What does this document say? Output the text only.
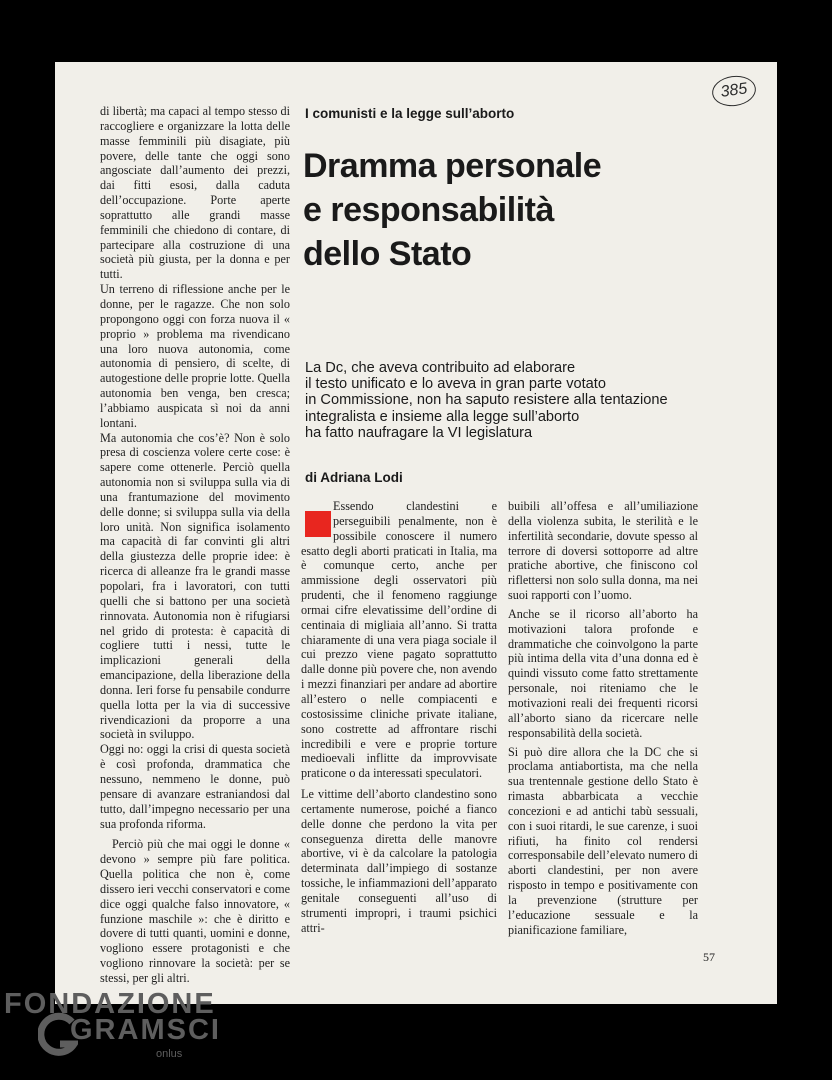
385

di libertà; ma capaci al tempo stesso di raccogliere e organizzare la lotta delle masse femminili più disagiate, più povere, delle tante che oggi sono angosciate dall’aumento dei prezzi, dai fitti esosi, dalla caduta dell’occupazione. Porte aperte soprattutto alle grandi masse femminili che chiedono di contare, di partecipare alla costruzione di una società più giusta, per la donna e per tutti.

Un terreno di riflessione anche per le donne, per le ragazze. Che non solo propongono oggi con forza nuova il « proprio » problema ma rivendicano una loro nuova autonomia, come autonomia di pensiero, di scelte, di autogestione delle proprie lotte. Quella autonomia ben venga, ben cresca; l’abbiamo auspicata sì noi da anni lontani.

Ma autonomia che cos’è? Non è solo presa di coscienza volere certe cose: è sapere come ottenerle. Perciò quella autonomia non si sviluppa sulla via di una frantumazione del movimento delle donne; si sviluppa sulla via della loro unità. Non significa isolamento ma capacità di far convinti gli altri della giustezza delle proprie idee: è ricerca di alleanze fra le grandi masse popolari, fra i lavoratori, con tutti quelli che si battono per una società rinnovata. Autonomia non è rifugiarsi nel grido di protesta: è capacità di cogliere tutti i nessi, tutte le implicazioni generali della emancipazione, della liberazione della donna. Ieri forse fu pensabile condurre quella lotta per la via di successive rivendicazioni da proporre a una società in sviluppo.

Oggi no: oggi la crisi di questa società è così profonda, drammatica che nessuno, nemmeno le donne, può pensare di avanzare estraniandosi dal tutto, dall’impegno necessario per una sua profonda riforma.

Perciò più che mai oggi le donne « devono » sempre più fare politica. Quella politica che non è, come dissero ieri vecchi conservatori e come dice oggi qualche falso innovatore, « funzione maschile »: che è diritto e dovere di tutti quanti, uomini e donne, vogliono essere protagonisti e che vogliono rinnovare la società: per se stessi, per gli altri.

I comunisti e la legge sull’aborto
Dramma personale
e responsabilità
dello Stato
La Dc, che aveva contribuito ad elaborare
il testo unificato e lo aveva in gran parte votato
in Commissione, non ha saputo resistere alla tentazione
integralista e insieme alla legge sull’aborto
ha fatto naufragare la VI legislatura
di Adriana Lodi

Essendo clandestini e perseguibili penalmente, non è possibile conoscere il numero esatto degli aborti praticati in Italia, ma è comunque certo, anche per ammissione degli osservatori più prudenti, che il fenomeno raggiunge ormai cifre elevatissime dell’ordine di centinaia di migliaia all’anno. Si tratta chiaramente di una vera piaga sociale il cui prezzo viene pagato soprattutto dalle donne più povere che, non avendo i mezzi finanziari per andare ad abortire all’estero o nelle compiacenti e costosissime cliniche private italiane, sono costrette ad affrontare rischi incredibili e vere e proprie torture medioevali inflitte da improvvisate praticone o da interessati speculatori.

Le vittime dell’aborto clandestino sono certamente numerose, poiché a fianco delle donne che perdono la vita per conseguenza diretta delle manovre abortive, vi è da calcolare la patologia determinata dall’impiego di sostanze tossiche, le infiammazioni dell’apparato genitale conseguenti all’uso di strumenti impropri, i traumi psichici attri-

buibili all’offesa e all’umiliazione della violenza subita, le sterilità e le infertilità secondarie, dovute spesso al terrore di doversi sottoporre ad altre pratiche abortive, che finiscono col riflettersi non solo sulla donna, ma nei suoi rapporti con l’uomo.

Anche se il ricorso all’aborto ha motivazioni talora profonde e drammatiche che coinvolgono la parte più intima della vita d’una donna ed è quindi vissuto come fatto strettamente personale, noi riteniamo che le motivazioni reali dei frequenti ricorsi all’aborto siano da ricercare nelle responsabilità della società.

Si può dire allora che la DC che si proclama antiabortista, ma che nella sua trentennale gestione dello Stato è rimasta abbarbicata a vecchie concezioni e ad antichi tabù sessuali, con i suoi ritardi, le sue carenze, i suoi rifiuti, ha finito col rendersi corresponsabile dell’elevato numero di aborti clandestini, per non avere risposto in tempo e positivamente con la prevenzione (strutture per l’educazione sessuale e la pianificazione familiare,

57
FONDAZIONE
GRAMSCI
onlus
